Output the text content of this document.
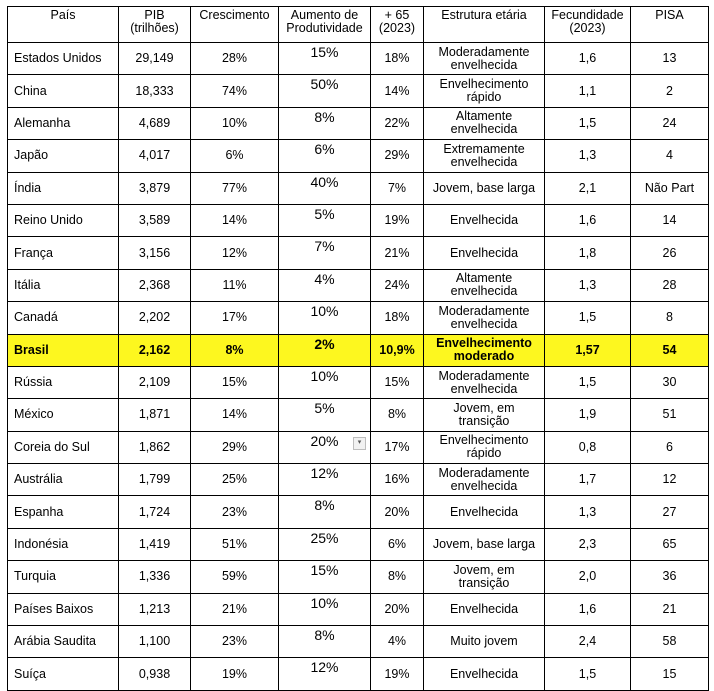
País	PIB (trilhões)	Crescimento	Aumento de Produtividade	+ 65 (2023)	Estrutura etária	Fecundidade (2023)	PISA
Estados Unidos	29,149	28%	15%	18%	Moderadamente envelhecida	1,6	13
China	18,333	74%	50%	14%	Envelhecimento rápido	1,1	2
Alemanha	4,689	10%	8%	22%	Altamente envelhecida	1,5	24
Japão	4,017	6%	6%	29%	Extremamente envelhecida	1,3	4
Índia	3,879	77%	40%	7%	Jovem, base larga	2,1	Não Part
Reino Unido	3,589	14%	5%	19%	Envelhecida	1,6	14
França	3,156	12%	7%	21%	Envelhecida	1,8	26
Itália	2,368	11%	4%	24%	Altamente envelhecida	1,3	28
Canadá	2,202	17%	10%	18%	Moderadamente envelhecida	1,5	8
Brasil	2,162	8%	2%	10,9%	Envelhecimento moderado	1,57	54
Rússia	2,109	15%	10%	15%	Moderadamente envelhecida	1,5	30
México	1,871	14%	5%	8%	Jovem, em transição	1,9	51
Coreia do Sul	1,862	29%	20% ▾	17%	Envelhecimento rápido	0,8	6
Austrália	1,799	25%	12%	16%	Moderadamente envelhecida	1,7	12
Espanha	1,724	23%	8%	20%	Envelhecida	1,3	27
Indonésia	1,419	51%	25%	6%	Jovem, base larga	2,3	65
Turquia	1,336	59%	15%	8%	Jovem, em transição	2,0	36
Países Baixos	1,213	21%	10%	20%	Envelhecida	1,6	21
Arábia Saudita	1,100	23%	8%	4%	Muito jovem	2,4	58
Suíça	0,938	19%	12%	19%	Envelhecida	1,5	15
